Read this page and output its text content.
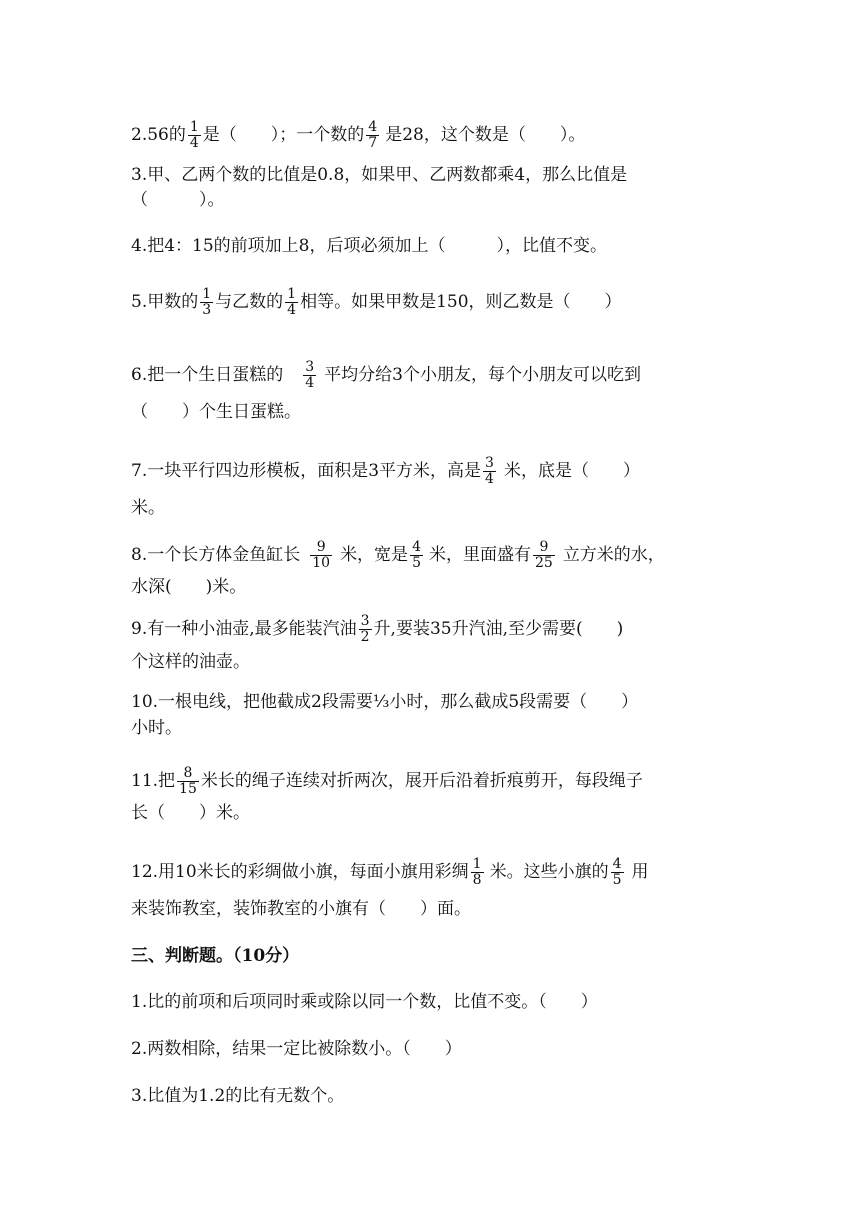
2.56的 $\frac{1}{4}$ 是（　　）；一个数的 $\frac{4}{7}$ 是28，这个数是（　　）。
3.甲、乙两个数的比值是0.8，如果甲、乙两数都乘4，那么比值是
（　　　）。
4.把4：15的前项加上8，后项必须加上（　　　），比值不变。
5.甲数的 $\frac{1}{3}$ 与乙数的 $\frac{1}{4}$ 相等。如果甲数是150，则乙数是（　　）
6.把一个生日蛋糕的 $\frac{3}{4}$ 平均分给3个小朋友，每个小朋友可以吃到
（　　）个生日蛋糕。
7.一块平行四边形模板，面积是3平方米，高是 $\frac{3}{4}$ 米，底是（　　）
米。
8.一个长方体金鱼缸长 $\frac{9}{10}$ 米，宽是 $\frac{4}{5}$ 米，里面盛有 $\frac{9}{25}$ 立方米的水，
水深(　　)米。
9.有一种小油壶,最多能装汽油 $\frac{3}{2}$ 升,要装35升汽油,至少需要(　　)
个这样的油壶。
10.一根电线，把他截成2段需要⅓小时，那么截成5段需要（　　）
小时。
11.把 $\frac{8}{15}$ 米长的绳子连续对折两次，展开后沿着折痕剪开，每段绳子
长（　　）米。
12.用10米长的彩绸做小旗，每面小旗用彩绸 $\frac{1}{8}$ 米。这些小旗的 $\frac{4}{5}$ 用
来装饰教室，装饰教室的小旗有（　　）面。
三、判断题。（10分）
1.比的前项和后项同时乘或除以同一个数，比值不变。（　　）
2.两数相除，结果一定比被除数小。（　　）
3.比值为1.2的比有无数个。
